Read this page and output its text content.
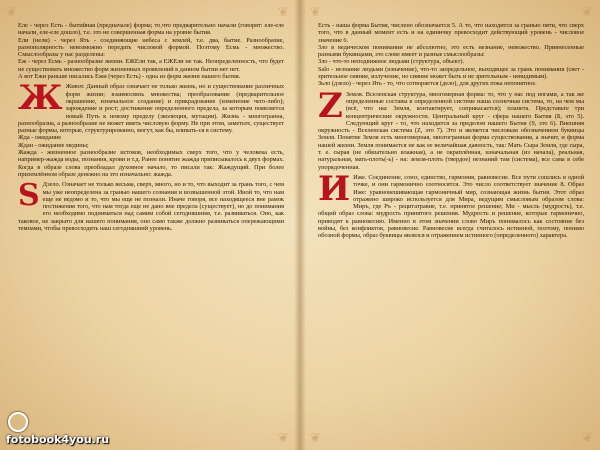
❦	❦ ❦	❦
❦
❦ ❦

Еле - через Есть - бытийная (предначале) форма; то,что предварительно начали (говорят: еле-еле начали, еле-еле дошло), т.е. это не совершенная форма на уровне бытия.

Ели (нели) - через Ять - соединяющие небеса с землей, т.е. два, бытие. Разнообразие, разнополярность невозможно передать числовой формой. Поэтому Есмь - множество. Смыслообразы у нас разделены:

Еж - через Есмь - разнообразие жизни. ЕЖЕли так, а ЕЖЕли не так. Неопределенность, что будет не существовать множество форм жизненных проявлений в данном бытии нет нет.

А вот Ежи раньше писались Ежи (через Есть) - одна из форм жизни нашего бытия.

Ж Живот. Данный образ означает не только жизнь, но и существование различных форм жизни; взаимосвязь множества; преобразование (предварительное окрашение, изначальное создание) и прикрадование (изменение чего-либо); зарождение и рост; достижение определенного предела, за которым появляется новый Путь к новому пределу (эволюция, мутации). Жизнь - многогранна, разнообразна, а разнообразие не может иметь числовую форму. Не при этом, заметьте, существует разные формы, которые, структурированно, могут, как бы, вливать-ся в систему.

Жда - ожидание

Ждан - ожидание медины;

Жажда - жизненное разнообразие истоков, необходимых сверх того, что у человека есть, например-жажда воды, познания, крови и т.д. Ранее понятие жажда приписывалось к двух формах. Когда в образе слова преобладал духовное начало, то писали так: Жаждущий. При более приземлённом образе денежно на это изначально: жажда.

S Дзело. Означает не только весьма, сверх, много, но и то, что выходит за грань того, с чем мы уже неопределена за гранью нашего сознания и возвышенной этой. Иной то, что нам еще не ведомо и то, что мы еще не познали. Иначе говоря, все находящееся вне рамок постижения того, что нам тогда еще не дано вне предела (существует), но до понимания его необходимо подниматься над самим собой сегодняшним, т.е. развиваться. Оно, как таковое, не закрыто для нашего понимания, оно само также должно развиваться опережающими темпами, чтобы превосходить наш сегодняшний уровень.

fotobook4you.ru

Есть - наша форма Бытия, числено обозначается 5. А то, что находится за гранью пяти, что сверх того, что в данный момент есть и на единичку превосходит действующий уровень - числовое значение 6.

Зло в ведическом понимании не абсолютно, это есть незнание, невежество. Привнесенные разными буквицами, это слове имеет и разные смыслообразы:

Зло - что-то неподвижное людьми (структура, объект).

Salo - незнание людьми (изначение), что-то запредельное, выходящее за грань понимания (свет - зрительное сияние, излучение, но сияние может быть и не зрительным - невидимым).

Зьло (дзело) - через Ять - то, что сотворяется (дело), для других пока непонятное.

Z Земля. Вселенская структура, многомерная форма: то, что у нас под ногами, а так же определенные составы в определенной системе наша солнечная система, то, на чем мы (всё, что нас Земля, контактирует, соприкасается); планета. Представьте три концентрические окружности. Центральный круг - сфера нашего Бытия (Б, это 5). Следующий круг - то, что находится за пределом нашего Бытия (S, это 6). Внешняя окружность - Вселенская система (Z, это 7). Это и является числовым обозначением буквицы Земля. Понятие Земля есть многомерная, многогранная форма существования, а значит, и форма нашей жизни. Земля понимается не как ее величайшая давность, так: Мать Сыра Земля, где сыра, т. е. сырая (не обязательно влажная), а не окраплённая, изначальная (из начала), реальная, натуральная, мать-плоть(-ь) - на: земля-плоть (твердое) незнаний там (система), все сама в себе упорядоченная.

И Иже. Соединение, союз, единство, гармония, равновесие. Все пути сошлись в одной точке, и они гармонично соотносятся. Это число соответствует значение 8. Образ Иже: уравновешивающая гармоничный мир, сознающая жизнь бытия. Этот образ отражено широко используется для Мира, ведущим смысловым образом слова: Миръ, где Ръ - рецитатравие, т.е. принятое решение; Ми - мысль (мудрость), т.е. общий образ слова: мудрость принятого решения. Мудрость и решение, которые гармонично, приводят к равновесию. Именно в этом значении слово Миръ понималось как состояние без войны, без конфликтов, равновесие. Равновесие всегда считалось истинной, поэтому, понимо обозной формы, образ буквицы являлся и отражением истинного (определенного) характера.
